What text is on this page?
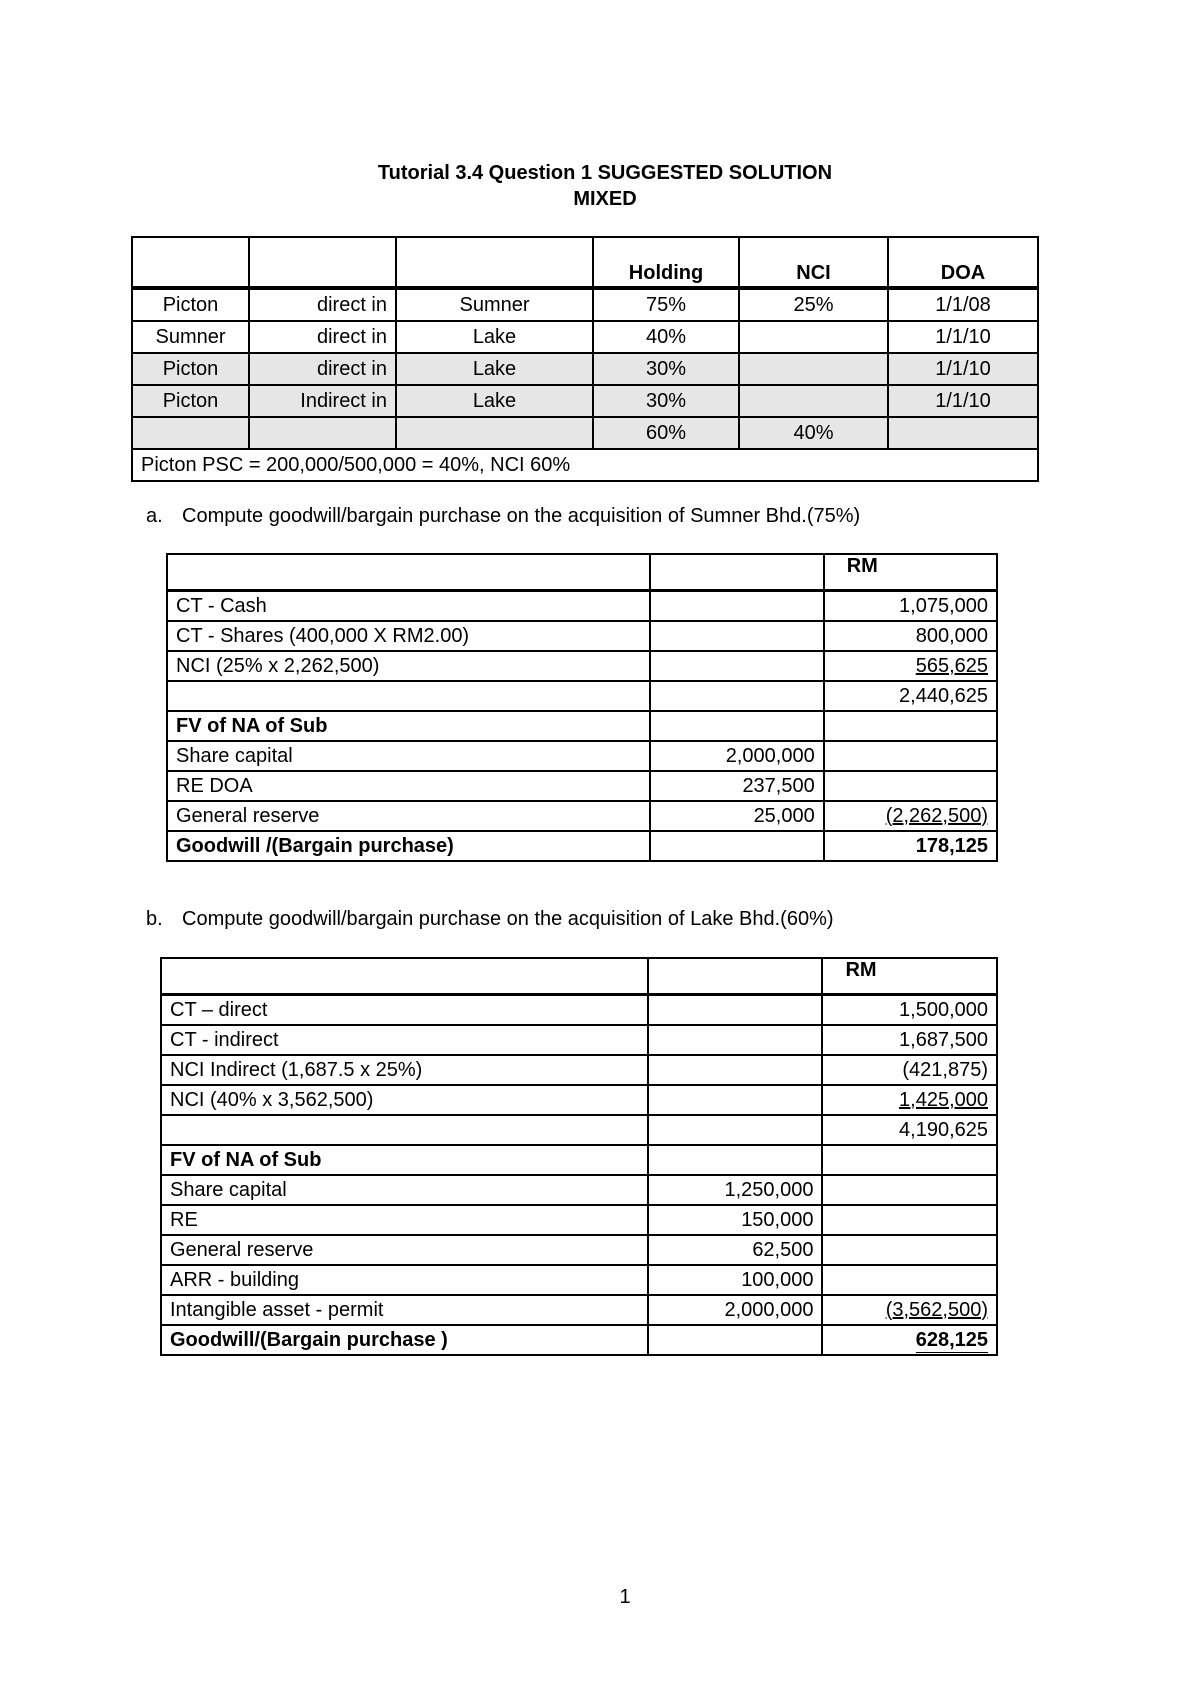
Tutorial 3.4 Question 1 SUGGESTED SOLUTION
MIXED
			Holding	NCI	DOA
Picton	direct in	Sumner	75%	25%	1/1/08
Sumner	direct in	Lake	40%		1/1/10
Picton	direct in	Lake	30%		1/1/10
Picton	Indirect in	Lake	30%		1/1/10
			60%	40%	
Picton PSC = 200,000/500,000 = 40%, NCI 60%					
a. Compute goodwill/bargain purchase on the acquisition of Sumner Bhd.(75%)
		RM
CT - Cash		1,075,000
CT - Shares (400,000 X RM2.00)		800,000
NCI (25% x 2,262,500)		565,625
		2,440,625
FV of NA of Sub		
Share capital	2,000,000	
RE DOA	237,500	
General reserve	25,000	(2,262,500)
Goodwill /(Bargain purchase)		178,125
b. Compute goodwill/bargain purchase on the acquisition of Lake Bhd.(60%)
		RM
CT – direct		1,500,000
CT - indirect		1,687,500
NCI Indirect (1,687.5 x 25%)		(421,875)
NCI (40% x 3,562,500)		1,425,000
		4,190,625
FV of NA of Sub		
Share capital	1,250,000	
RE	150,000	
General reserve	62,500	
ARR - building	100,000	
Intangible asset - permit	2,000,000	(3,562,500)
Goodwill/(Bargain purchase )		628,125
1
